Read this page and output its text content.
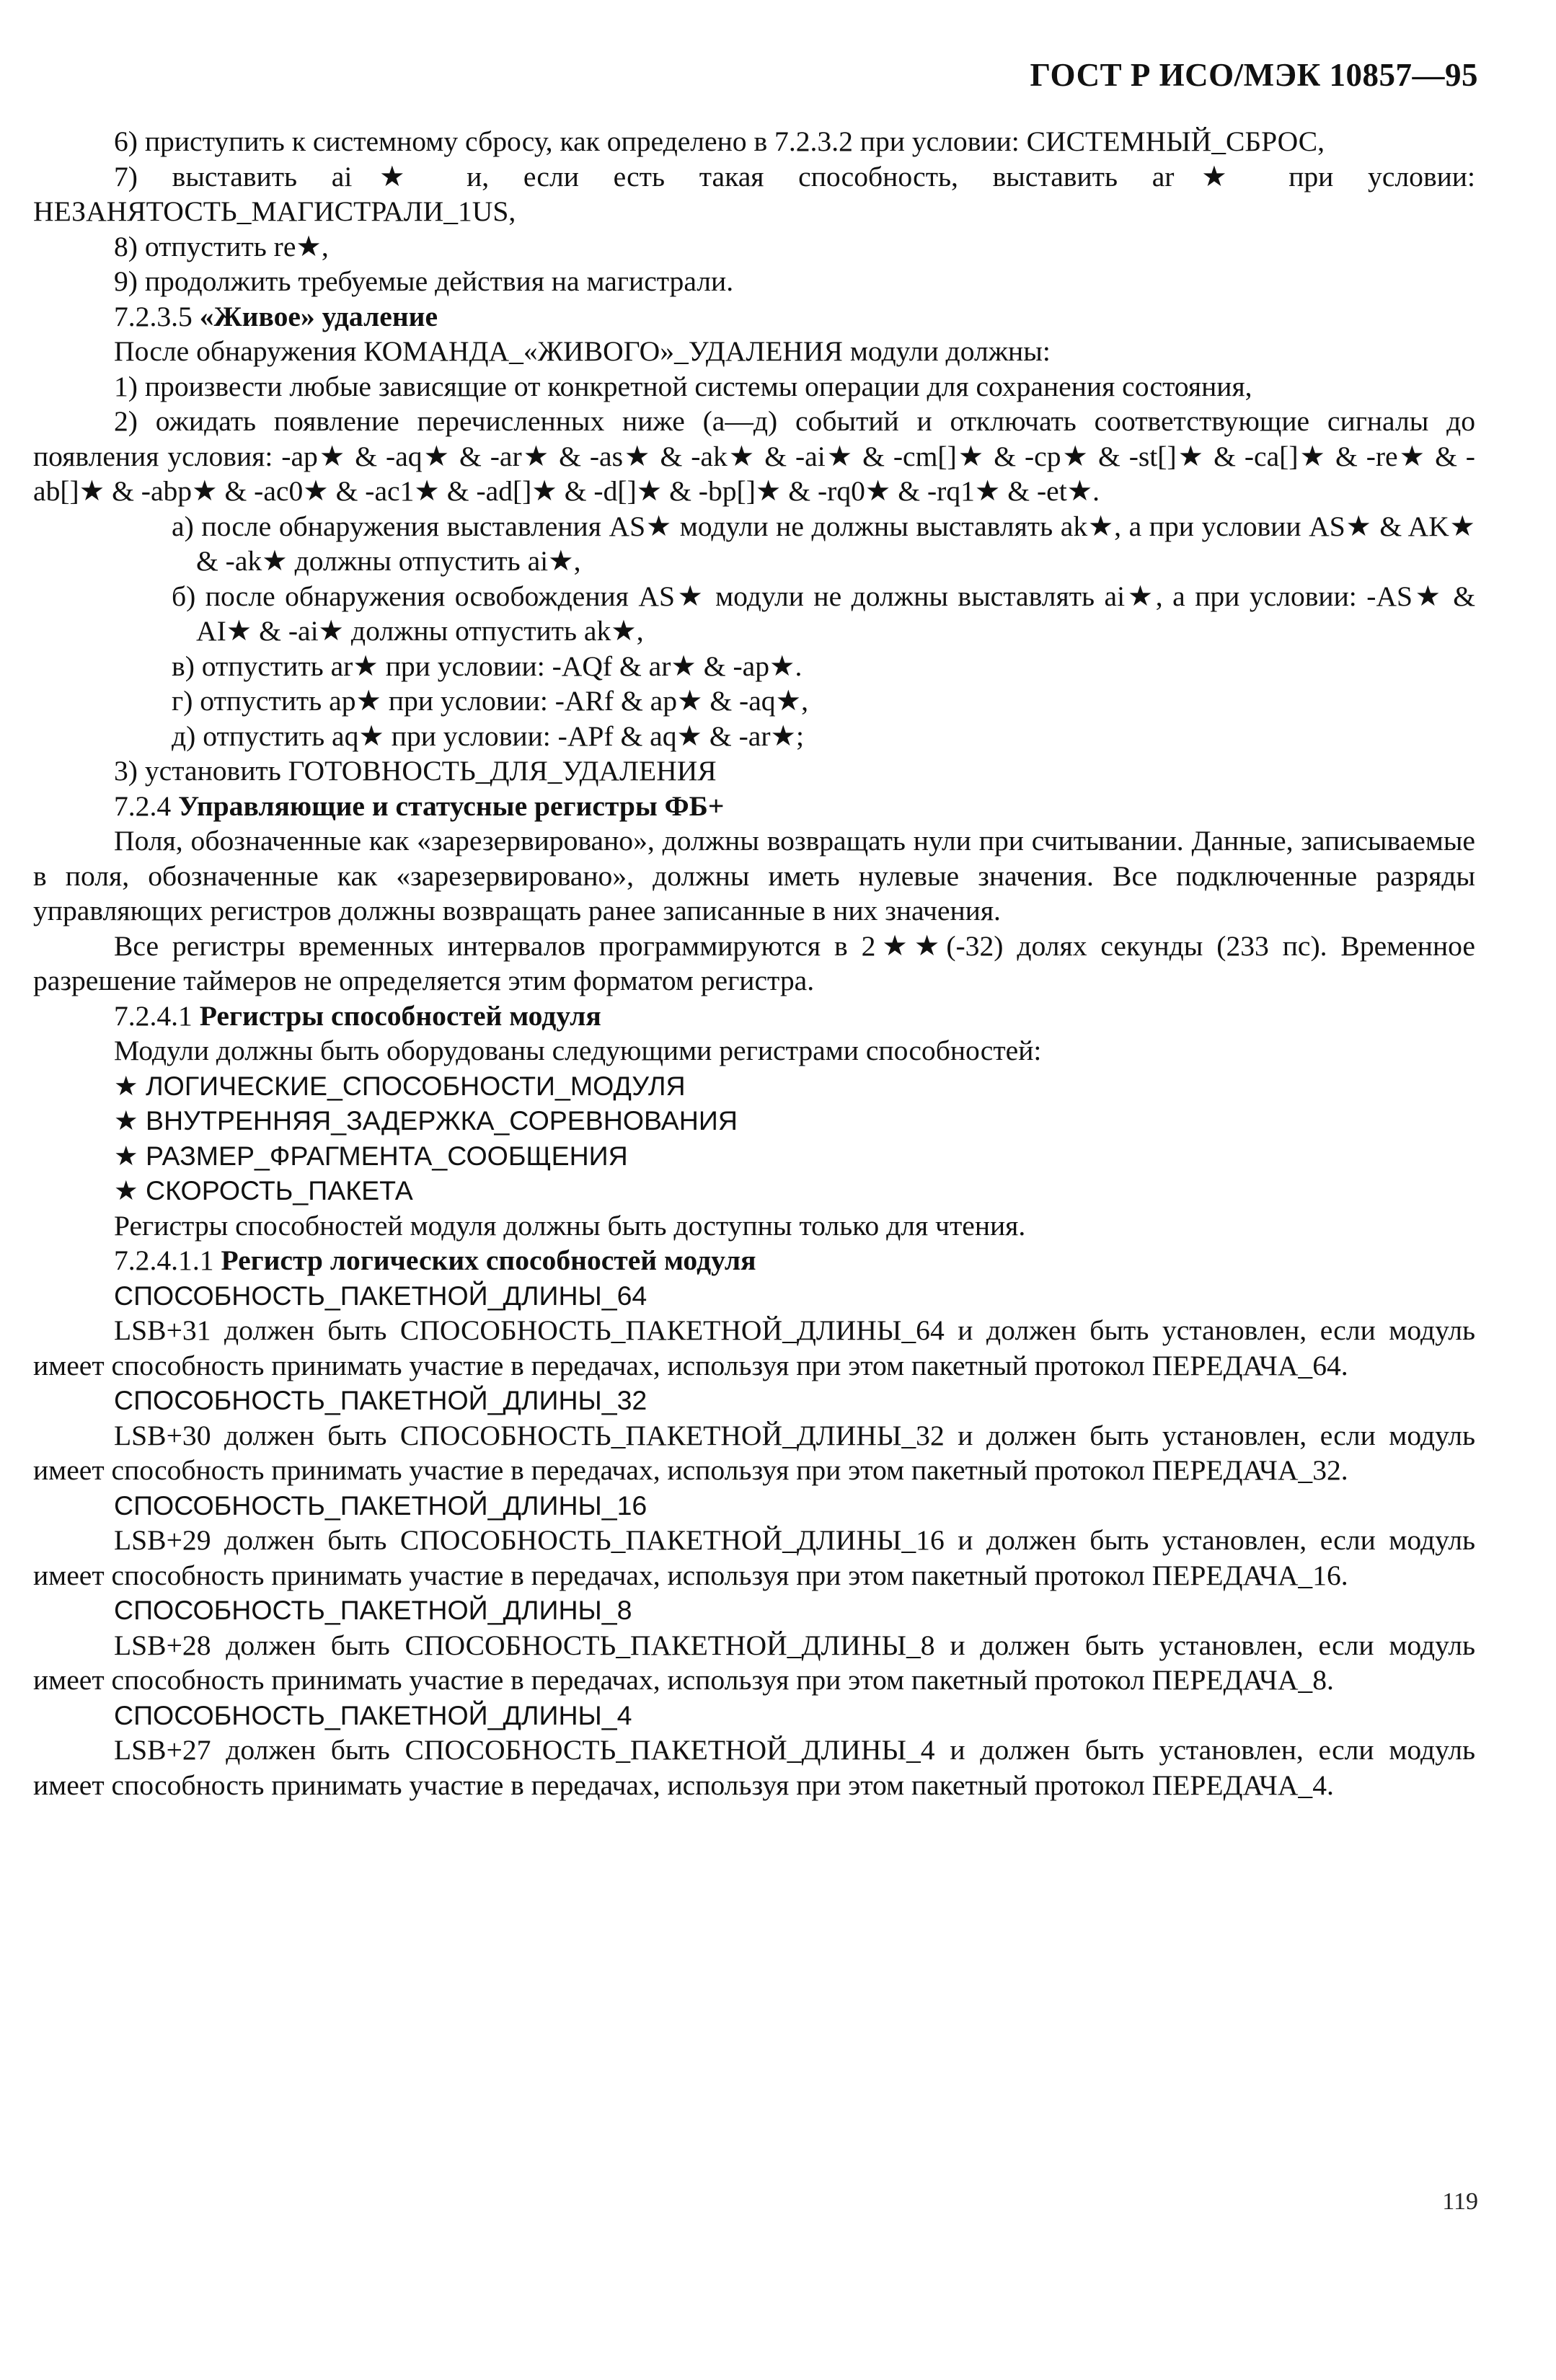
ГОСТ Р ИСО/МЭК 10857—95

6) приступить к системному сбросу, как определено в 7.2.3.2 при условии: СИСТЕМНЫЙ_СБРОС,

7) выставить ai★ и, если есть такая способность, выставить ar★ при условии: НЕЗАНЯТОСТЬ_МАГИСТРАЛИ_1US,

8) отпустить re★,

9) продолжить требуемые действия на магистрали.

7.2.3.5 «Живое» удаление

После обнаружения КОМАНДА_«ЖИВОГО»_УДАЛЕНИЯ модули должны:

1) произвести любые зависящие от конкретной системы операции для сохранения состояния,

2) ожидать появление перечисленных ниже (а—д) событий и отключать соответствующие сигналы до появления условия: -ap★ & -aq★ & -ar★ & -as★ & -ak★ & -ai★ & -cm[]★ & -cp★ & -st[]★ & -ca[]★ & -re★ & -ab[]★ & -abp★ & -ac0★ & -ac1★ & -ad[]★ & -d[]★ & -bp[]★ & -rq0★ & -rq1★ & -et★.

а) после обнаружения выставления AS★ модули не должны выставлять ak★, а при условии AS★ & AK★ & -ak★ должны отпустить ai★,

б) после обнаружения освобождения AS★ модули не должны выставлять ai★, а при условии: -AS★ & AI★ & -ai★ должны отпустить ak★,

в) отпустить ar★ при условии: -AQf & ar★ & -ap★.

г) отпустить ap★ при условии: -ARf & ap★ & -aq★,

д) отпустить aq★ при условии: -APf & aq★ & -ar★;

3) установить ГОТОВНОСТЬ_ДЛЯ_УДАЛЕНИЯ

7.2.4 Управляющие и статусные регистры ФБ+

Поля, обозначенные как «зарезервировано», должны возвращать нули при считывании. Данные, записываемые в поля, обозначенные как «зарезервировано», должны иметь нулевые значения. Все подключенные разряды управляющих регистров должны возвращать ранее записанные в них значения.

Все регистры временных интервалов программируются в 2★★(-32) долях секунды (233 пс). Временное разрешение таймеров не определяется этим форматом регистра.

7.2.4.1 Регистры способностей модуля

Модули должны быть оборудованы следующими регистрами способностей:

★ ЛОГИЧЕСКИЕ_СПОСОБНОСТИ_МОДУЛЯ

★ ВНУТРЕННЯЯ_ЗАДЕРЖКА_СОРЕВНОВАНИЯ

★ РАЗМЕР_ФРАГМЕНТА_СООБЩЕНИЯ

★ СКОРОСТЬ_ПАКЕТА

Регистры способностей модуля должны быть доступны только для чтения.

7.2.4.1.1 Регистр логических способностей модуля

СПОСОБНОСТЬ_ПАКЕТНОЙ_ДЛИНЫ_64

LSB+31 должен быть СПОСОБНОСТЬ_ПАКЕТНОЙ_ДЛИНЫ_64 и должен быть установлен, если модуль имеет способность принимать участие в передачах, используя при этом пакетный протокол ПЕРЕДАЧА_64.

СПОСОБНОСТЬ_ПАКЕТНОЙ_ДЛИНЫ_32

LSB+30 должен быть СПОСОБНОСТЬ_ПАКЕТНОЙ_ДЛИНЫ_32 и должен быть установлен, если модуль имеет способность принимать участие в передачах, используя при этом пакетный протокол ПЕРЕДАЧА_32.

СПОСОБНОСТЬ_ПАКЕТНОЙ_ДЛИНЫ_16

LSB+29 должен быть СПОСОБНОСТЬ_ПАКЕТНОЙ_ДЛИНЫ_16 и должен быть установлен, если модуль имеет способность принимать участие в передачах, используя при этом пакетный протокол ПЕРЕДАЧА_16.

СПОСОБНОСТЬ_ПАКЕТНОЙ_ДЛИНЫ_8

LSB+28 должен быть СПОСОБНОСТЬ_ПАКЕТНОЙ_ДЛИНЫ_8 и должен быть установлен, если модуль имеет способность принимать участие в передачах, используя при этом пакетный протокол ПЕРЕДАЧА_8.

СПОСОБНОСТЬ_ПАКЕТНОЙ_ДЛИНЫ_4

LSB+27 должен быть СПОСОБНОСТЬ_ПАКЕТНОЙ_ДЛИНЫ_4 и должен быть установлен, если модуль имеет способность принимать участие в передачах, используя при этом пакетный протокол ПЕРЕДАЧА_4.

119
